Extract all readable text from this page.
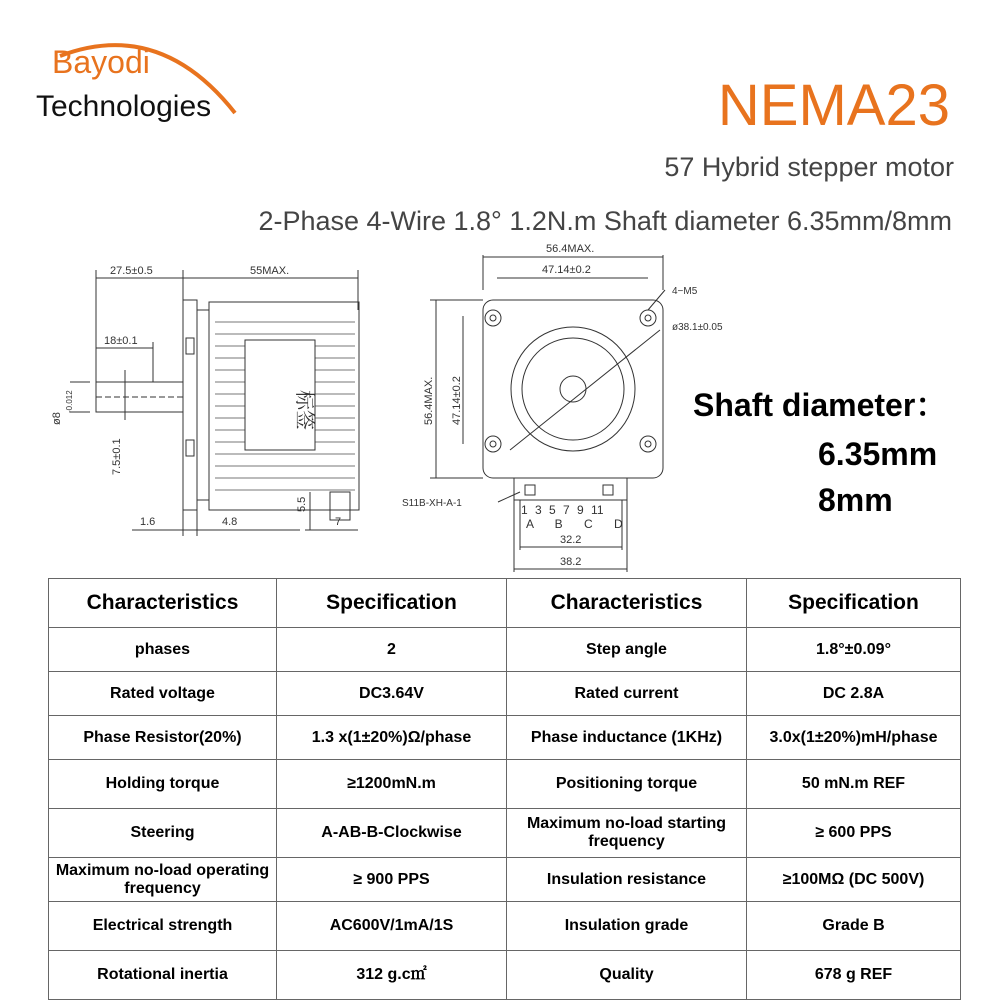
Bayodi
Technologies	NEMA23
57 Hybrid stepper motor
2-Phase 4-Wire 1.8° 1.2N.m Shaft diameter 6.35mm/8mm
27.5±0.5	55MAX.
标签
18±0.1
ø8
-0.012
7.5±0.1
1.6	4.8
5.5
7
56.4MAX.
47.14±0.2
4−M5
ø38.1±0.05
56.4MAX. 47.14±0.2
S11B-XH-A-1	1 3 5 7 9 11
A B C D
32.2
38.2
Shaft diameter：
6.35mm
8mm
Characteristics	Specification	Characteristics	Specification
phases	2	Step angle	1.8°±0.09°
Rated voltage	DC3.64V	Rated current	DC 2.8A
Phase Resistor(20%)	1.3 x(1±20%)Ω/phase	Phase inductance (1KHz)	3.0x(1±20%)mH/phase
Holding torque	≥1200mN.m	Positioning torque	50 mN.m REF
Steering	A-AB-B-Clockwise	Maximum no-load starting frequency	≥ 600 PPS
Maximum no-load operating frequency	≥ 900 PPS	Insulation resistance	≥100MΩ (DC 500V)
Electrical strength	AC600V/1mA/1S	Insulation grade	Grade B
Rotational inertia	312 g.c㎡	Quality	678 g REF
